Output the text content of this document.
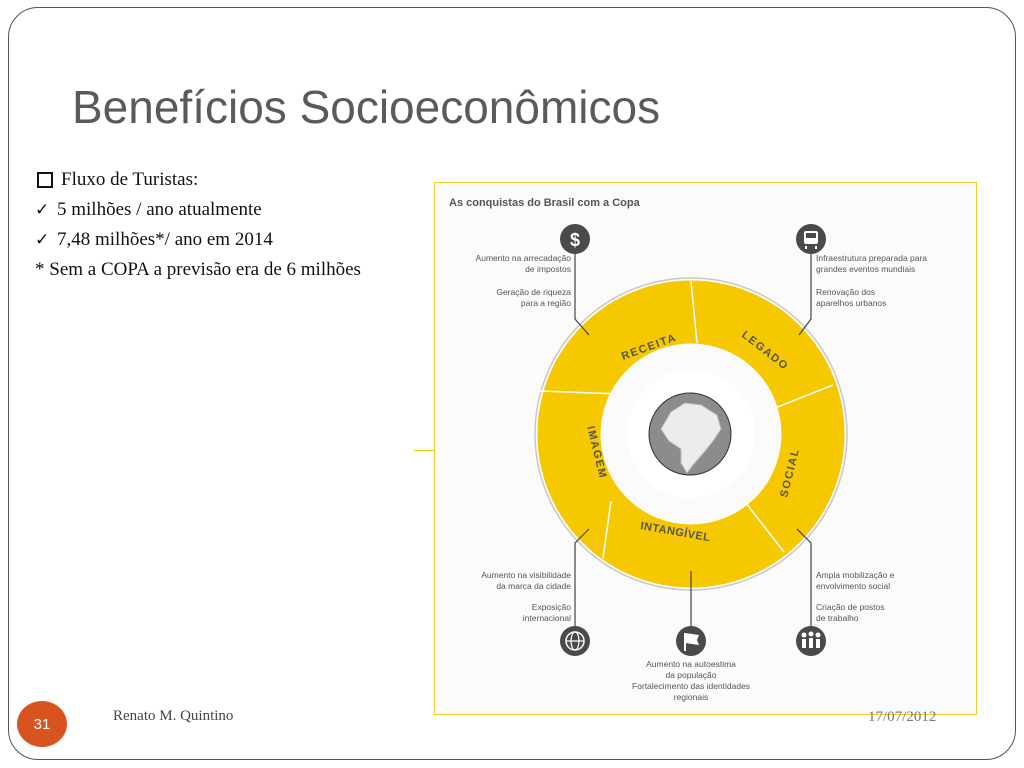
Benefícios Socioeconômicos
Fluxo de Turistas:
✓ 5 milhões / ano atualmente
✓ 7,48 milhões*/ ano em 2014
* Sem a COPA a previsão era de 6 milhões
As conquistas do Brasil com a Copa
RECEITA	LEGADO
SOCIAL
INTANGÍVEL
IMAGEM
$
Aumento na arrecadação
de impostos
Geração de riqueza
para a região
Infraestrutura preparada para
grandes eventos mundiais
Renovação dos
aparelhos urbanos
Aumento na visibilidade
da marca da cidade
Exposição
internacional
Ampla mobilização e
envolvimento social
Criação de postos
de trabalho
Aumento na autoestima
da população
Fortalecimento das identidades
regionais
17/07/2012
31	Renato M. Quintino
